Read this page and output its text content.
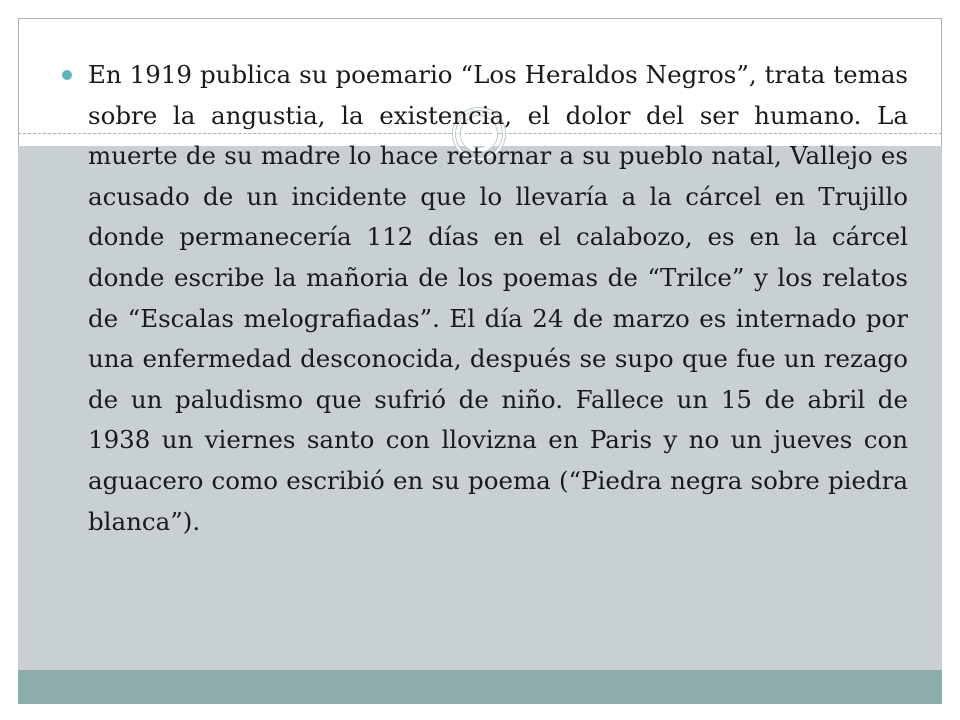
En 1919 publica su poemario “Los Heraldos Negros”, trata temas sobre la angustia, la existencia, el dolor del ser humano. La muerte de su madre lo hace retornar a su pueblo natal, Vallejo es acusado de un incidente que lo llevaría a la cárcel en Trujillo donde permanecería 112 días en el calabozo, es en la cárcel donde escribe la mañoria de los poemas de “Trilce” y los relatos de “Escalas melografiadas”. El día 24 de marzo es internado por una enfermedad desconocida, después se supo que fue un rezago de un paludismo que sufrió de niño. Fallece un 15 de abril de 1938 un viernes santo con llovizna en Paris y no un jueves con aguacero como escribió en su poema (“Piedra negra sobre piedra blanca”).
